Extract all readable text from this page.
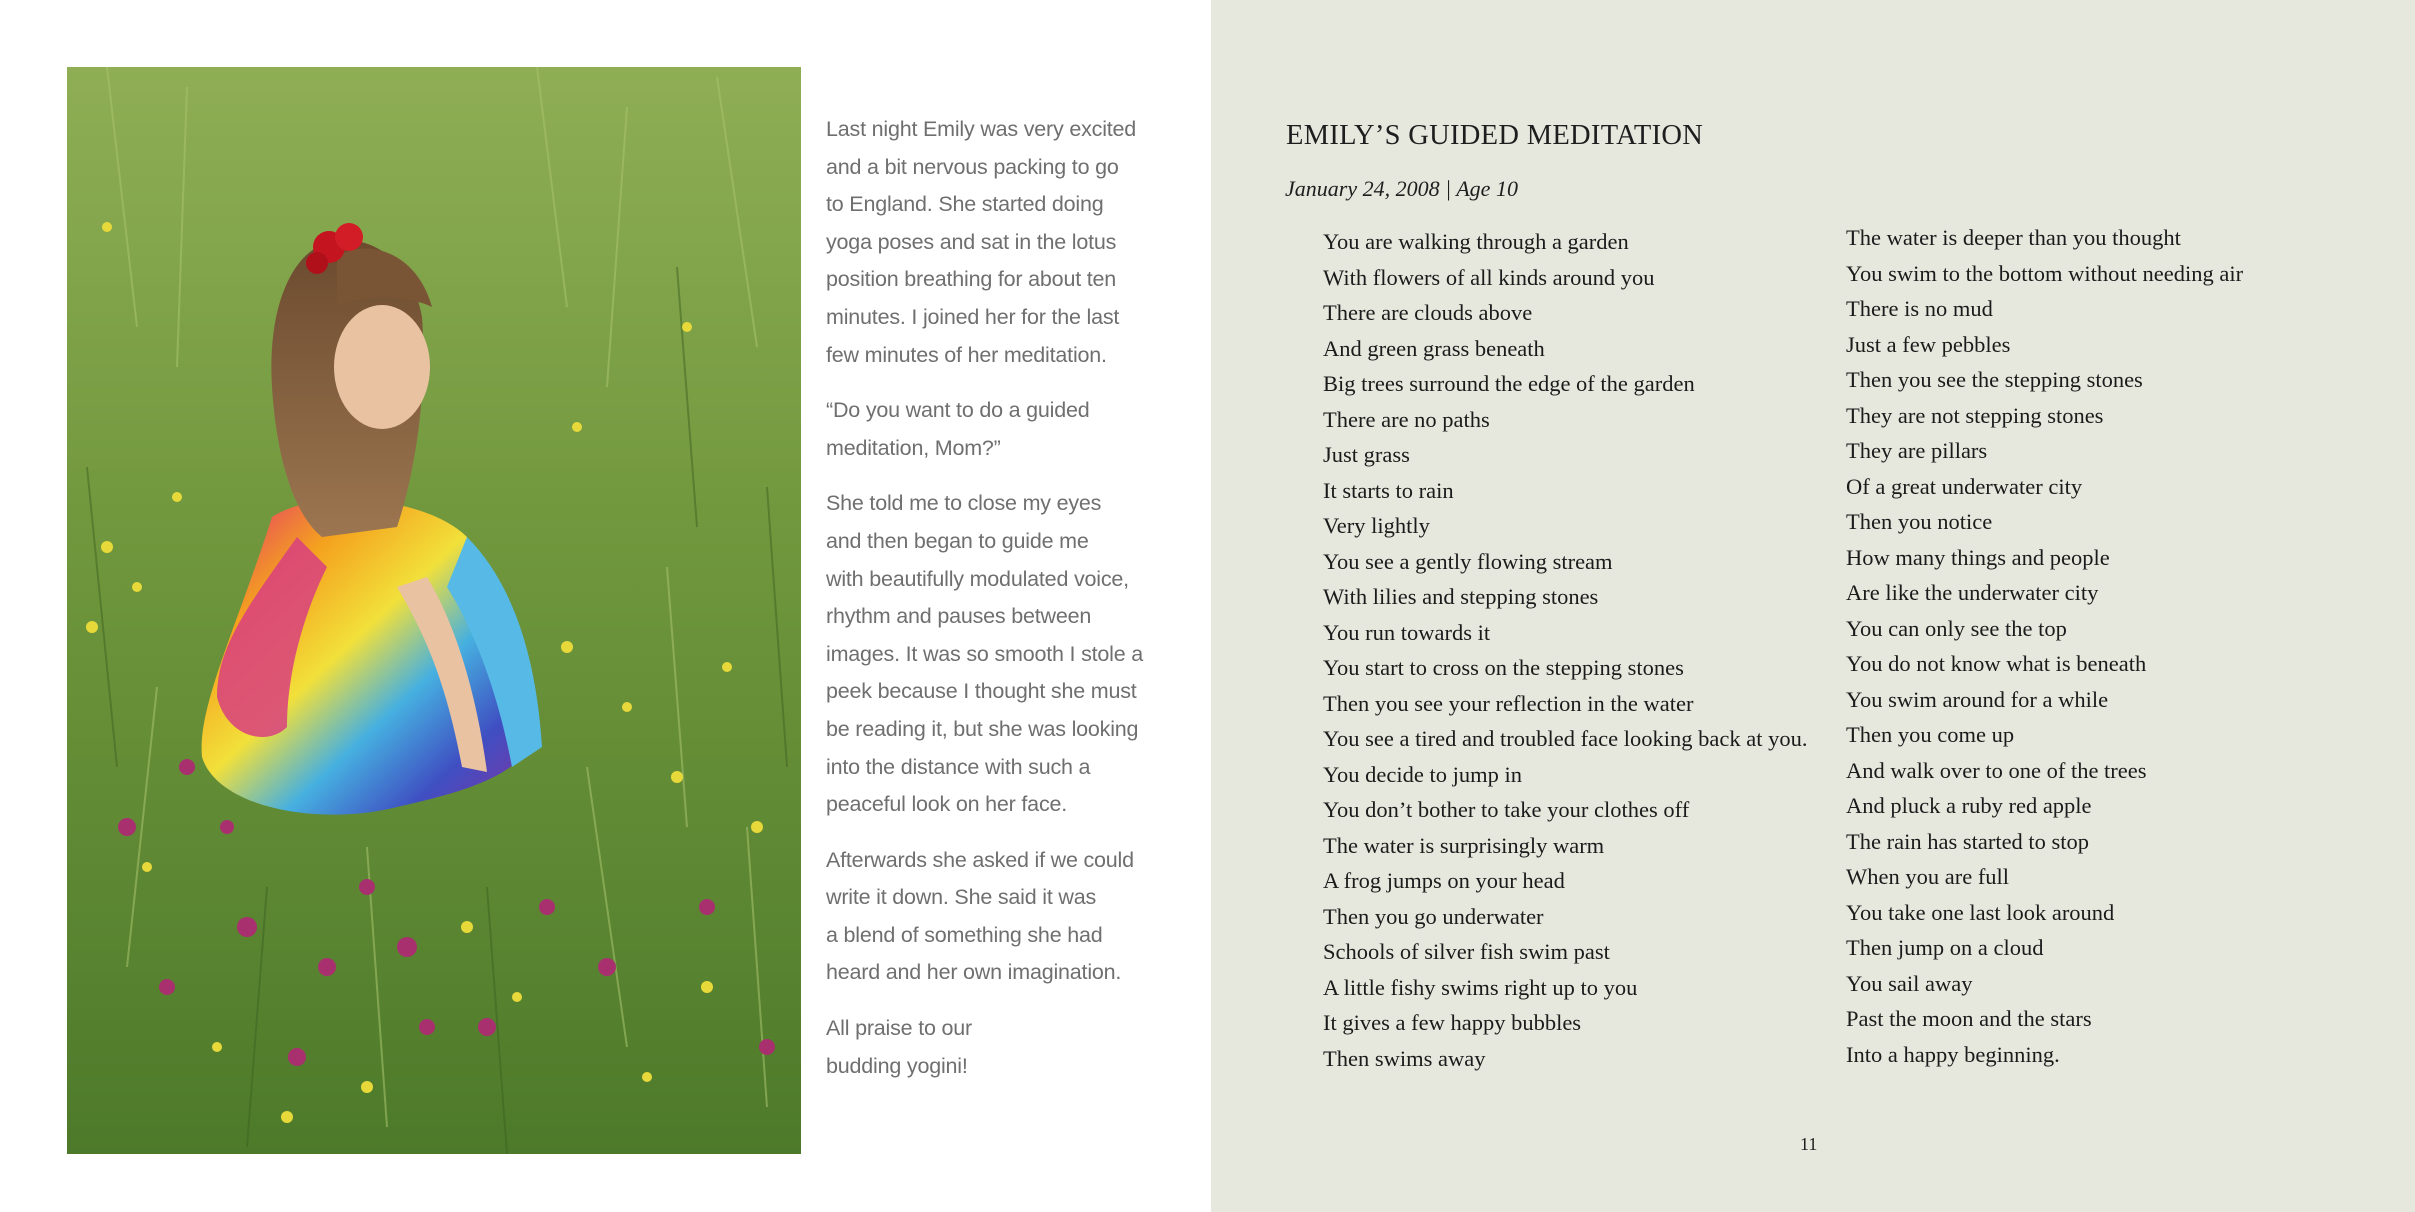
Last night Emily was very excited
and a bit nervous packing to go
to England. She started doing
yoga poses and sat in the lotus
position breathing for about ten
minutes. I joined her for the last
few minutes of her meditation.

“Do you want to do a guided
meditation, Mom?”

She told me to close my eyes
and then began to guide me
with beautifully modulated voice,
rhythm and pauses between
images. It was so smooth I stole a
peek because I thought she must
be reading it, but she was looking
into the distance with such a
peaceful look on her face.

Afterwards she asked if we could
write it down. She said it was
a blend of something she had
heard and her own imagination.

All praise to our
budding yogini!

EMILY’S GUIDED MEDITATION
January 24, 2008 | Age 10
You are walking through a garden
With flowers of all kinds around you
There are clouds above
And green grass beneath
Big trees surround the edge of the garden
There are no paths
Just grass
It starts to rain
Very lightly
You see a gently flowing stream
With lilies and stepping stones
You run towards it
You start to cross on the stepping stones
Then you see your reflection in the water
You see a tired and troubled face looking back at you.
You decide to jump in
You don’t bother to take your clothes off
The water is surprisingly warm
A frog jumps on your head
Then you go underwater
Schools of silver fish swim past
A little fishy swims right up to you
It gives a few happy bubbles
Then swims away
The water is deeper than you thought
You swim to the bottom without needing air
There is no mud
Just a few pebbles
Then you see the stepping stones
They are not stepping stones
They are pillars
Of a great underwater city
Then you notice
How many things and people
Are like the underwater city
You can only see the top
You do not know what is beneath
You swim around for a while
Then you come up
And walk over to one of the trees
And pluck a ruby red apple
The rain has started to stop
When you are full
You take one last look around
Then jump on a cloud
You sail away
Past the moon and the stars
Into a happy beginning.
11
